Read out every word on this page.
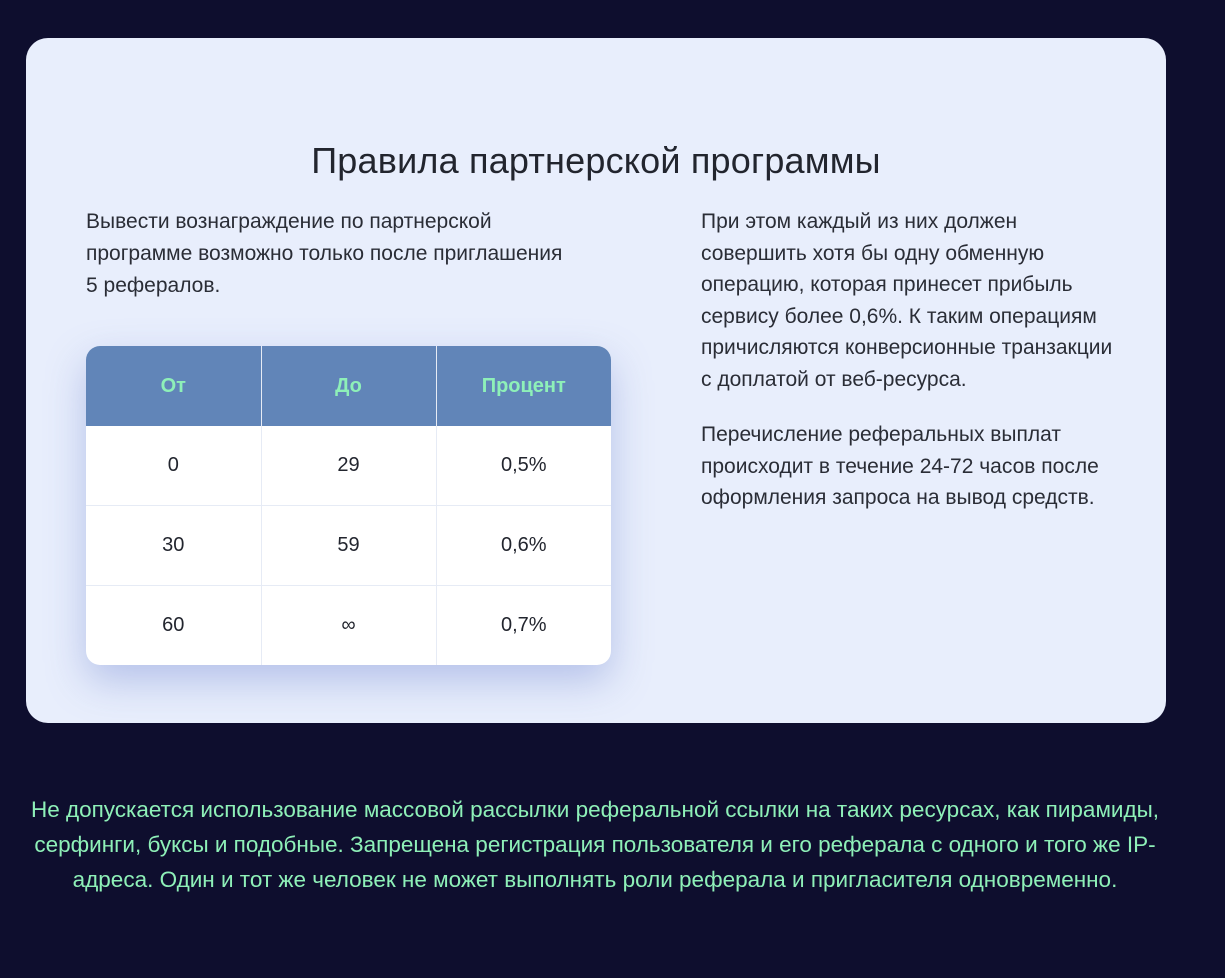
Правила партнерской программы

Вывести вознаграждение по партнерской программе возможно только после приглашения 5 рефералов.

От	До	Процент
0	29	0,5%
30	59	0,6%
60	∞	0,7%

При этом каждый из них должен совершить хотя бы одну обменную операцию, которая принесет прибыль сервису более 0,6%. К таким операциям причисляются конверсионные транзакции с доплатой от веб-ресурса.

Перечисление реферальных выплат происходит в течение 24-72 часов после оформления запроса на вывод средств.

Не допускается использование массовой рассылки реферальной ссылки на таких ресурсах, как пирамиды, серфинги, буксы и подобные. Запрещена регистрация пользователя и его реферала с одного и того же IP-адреса. Один и тот же человек не может выполнять роли реферала и пригласителя одновременно.
